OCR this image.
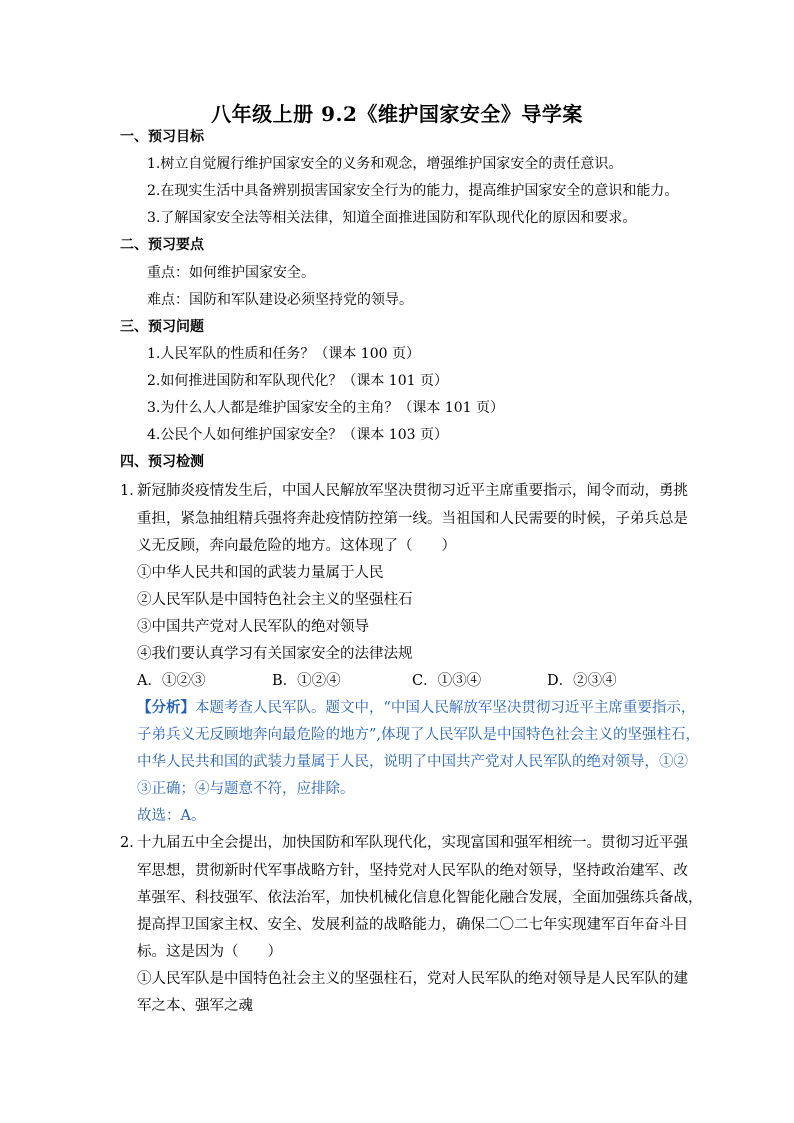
八年级上册 9.2《维护国家安全》导学案
一、预习目标
1.树立自觉履行维护国家安全的义务和观念，增强维护国家安全的责任意识。
2.在现实生活中具备辨别损害国家安全行为的能力，提高维护国家安全的意识和能力。
3.了解国家安全法等相关法律，知道全面推进国防和军队现代化的原因和要求。
二、预习要点
重点：如何维护国家安全。
难点：国防和军队建设必须坚持党的领导。
三、预习问题
1.人民军队的性质和任务？（课本 100 页）
2.如何推进国防和军队现代化？（课本 101 页）
3.为什么人人都是维护国家安全的主角？（课本 101 页）
4.公民个人如何维护国家安全？（课本 103 页）
四、预习检测
1．
新冠肺炎疫情发生后，中国人民解放军坚决贯彻习近平主席重要指示，闻令而动，勇挑
重担，紧急抽组精兵强将奔赴疫情防控第一线。当祖国和人民需要的时候，子弟兵总是
义无反顾，奔向最危险的地方。这体现了（　　）
①中华人民共和国的武装力量属于人民
②人民军队是中国特色社会主义的坚强柱石
③中国共产党对人民军队的绝对领导
④我们要认真学习有关国家安全的法律法规
A．①②③	B．①②④	C．①③④	D．②③④
【分析】本题考查人民军队。题文中，“中国人民解放军坚决贯彻习近平主席重要指示，
子弟兵义无反顾地奔向最危险的地方”,体现了人民军队是中国特色社会主义的坚强柱石，
中华人民共和国的武装力量属于人民，说明了中国共产党对人民军队的绝对领导，①②
③正确；④与题意不符，应排除。
故选：A。
2．
十九届五中全会提出，加快国防和军队现代化，实现富国和强军相统一。贯彻习近平强
军思想，贯彻新时代军事战略方针，坚持党对人民军队的绝对领导，坚持政治建军、改
革强军、科技强军、依法治军，加快机械化信息化智能化融合发展，全面加强练兵备战，
提高捍卫国家主权、安全、发展利益的战略能力，确保二〇二七年实现建军百年奋斗目
标。这是因为（　　）
①人民军队是中国特色社会主义的坚强柱石，党对人民军队的绝对领导是人民军队的建
军之本、强军之魂
